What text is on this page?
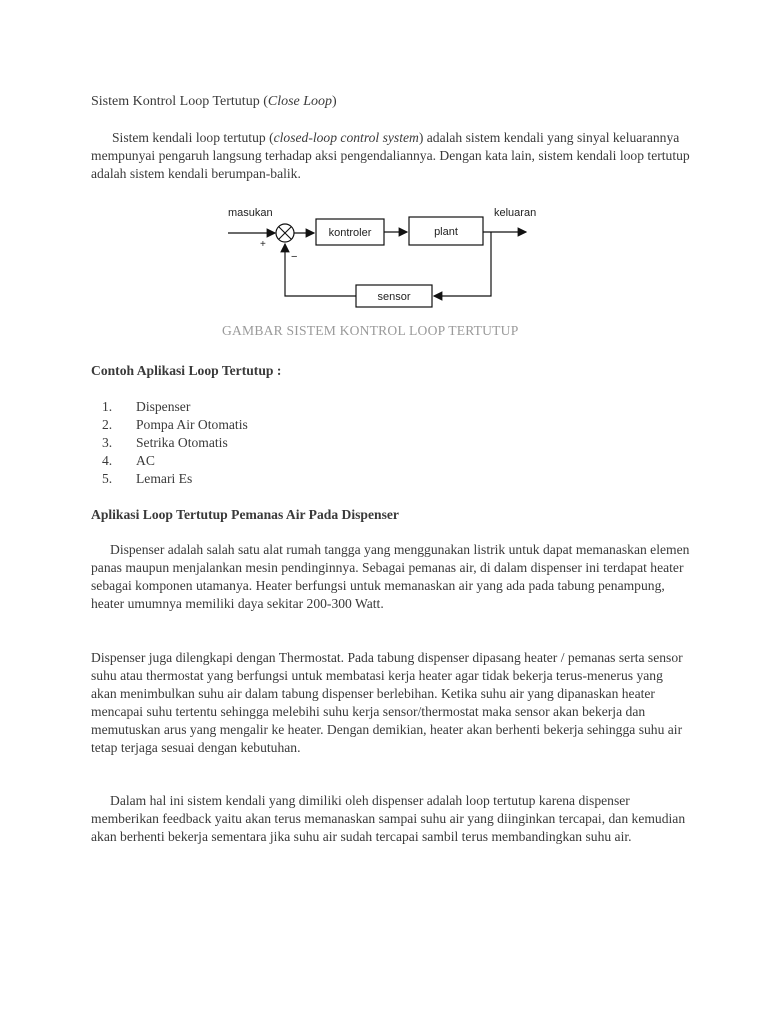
Sistem Kontrol Loop Tertutup (Close Loop)

Sistem kendali loop tertutup (closed-loop control system) adalah sistem kendali yang sinyal keluarannya mempunyai pengaruh langsung terhadap aksi pengendaliannya. Dengan kata lain, sistem kendali loop tertutup adalah sistem kendali berumpan-balik.

masukan
+
−
kontroler	plant
keluaran
sensor

GAMBAR SISTEM KONTROL LOOP TERTUTUP

Contoh Aplikasi Loop Tertutup :

1. Dispenser
2. Pompa Air Otomatis
3. Setrika Otomatis
4. AC
5. Lemari Es

Aplikasi Loop Tertutup Pemanas Air Pada Dispenser

Dispenser adalah salah satu alat rumah tangga yang menggunakan listrik untuk dapat memanaskan elemen panas maupun menjalankan mesin pendinginnya. Sebagai pemanas air, di dalam dispenser ini terdapat heater sebagai komponen utamanya. Heater berfungsi untuk memanaskan air yang ada pada tabung penampung, heater umumnya memiliki daya sekitar 200-300 Watt.

Dispenser juga dilengkapi dengan Thermostat. Pada tabung dispenser dipasang heater / pemanas serta sensor suhu atau thermostat yang berfungsi untuk membatasi kerja heater agar tidak bekerja terus-menerus yang akan menimbulkan suhu air dalam tabung dispenser berlebihan. Ketika suhu air yang dipanaskan heater mencapai suhu tertentu sehingga melebihi suhu kerja sensor/thermostat maka sensor akan bekerja dan memutuskan arus yang mengalir ke heater. Dengan demikian, heater akan berhenti bekerja sehingga suhu air tetap terjaga sesuai dengan kebutuhan.

Dalam hal ini sistem kendali yang dimiliki oleh dispenser adalah loop tertutup karena dispenser memberikan feedback yaitu akan terus memanaskan sampai suhu air yang diinginkan tercapai, dan kemudian akan berhenti bekerja sementara jika suhu air sudah tercapai sambil terus membandingkan suhu air.
